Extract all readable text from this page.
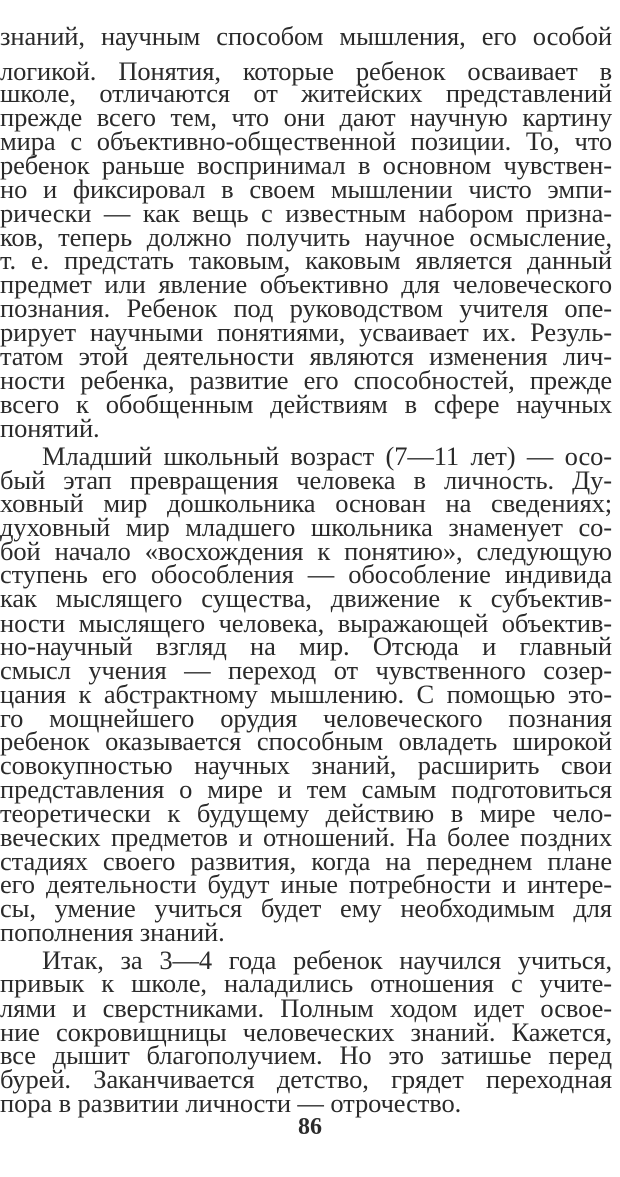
знаний, научным способом мышления, его особой
логикой. Понятия, которые ребенок осваивает в
школе, отличаются от житейских представлений
прежде всего тем, что они дают научную картину
мира с объективно-общественной позиции. То, что
ребенок раньше воспринимал в основном чувствен-
но и фиксировал в своем мышлении чисто эмпи-
рически — как вещь с известным набором призна-
ков, теперь должно получить научное осмысление,
т. е. предстать таковым, каковым является данный
предмет или явление объективно для человеческого
познания. Ребенок под руководством учителя опе-
рирует научными понятиями, усваивает их. Резуль-
татом этой деятельности являются изменения лич-
ности ребенка, развитие его способностей, прежде
всего к обобщенным действиям в сфере научных
понятий.
Младший школьный возраст (7—11 лет) — осо-
бый этап превращения человека в личность. Ду-
ховный мир дошкольника основан на сведениях;
духовный мир младшего школьника знаменует со-
бой начало «восхождения к понятию», следующую
ступень его обособления — обособление индивида
как мыслящего существа, движение к субъектив-
ности мыслящего человека, выражающей объектив-
но-научный взгляд на мир. Отсюда и главный
смысл учения — переход от чувственного созер-
цания к абстрактному мышлению. С помощью это-
го мощнейшего орудия человеческого познания
ребенок оказывается способным овладеть широкой
совокупностью научных знаний, расширить свои
представления о мире и тем самым подготовиться
теоретически к будущему действию в мире чело-
веческих предметов и отношений. На более поздних
стадиях своего развития, когда на переднем плане
его деятельности будут иные потребности и интере-
сы, умение учиться будет ему необходимым для
пополнения знаний.
Итак, за 3—4 года ребенок научился учиться,
привык к школе, наладились отношения с учите-
лями и сверстниками. Полным ходом идет освое-
ние сокровищницы человеческих знаний. Кажется,
все дышит благополучием. Но это затишье перед
бурей. Заканчивается детство, грядет переходная
пора в развитии личности — отрочество.
86
